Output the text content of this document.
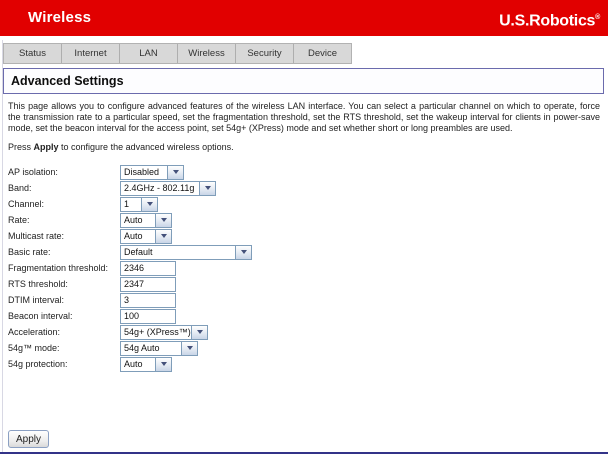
Wireless	U.S.Robotics®
Status	Internet	LAN	Wireless	Security	Device
Advanced Settings
This page allows you to configure advanced features of the wireless LAN interface. You can select a particular channel on which to operate, force the transmission rate to a particular speed, set the fragmentation threshold, set the RTS threshold, set the wakeup interval for clients in power-save mode, set the beacon interval for the access point, set 54g+ (XPress) mode and set whether short or long preambles are used.
Press Apply to configure the advanced wireless options.
AP isolation:	Disabled
Band:	2.4GHz - 802.11g
Channel:	1
Rate:	Auto
Multicast rate:	Auto
Basic rate:	Default
Fragmentation threshold:
2346
RTS threshold:
2347
DTIM interval:
3
Beacon interval:
100
Acceleration:	54g+ (XPress™)
54g™ mode:	54g Auto
54g protection:	Auto
Apply
